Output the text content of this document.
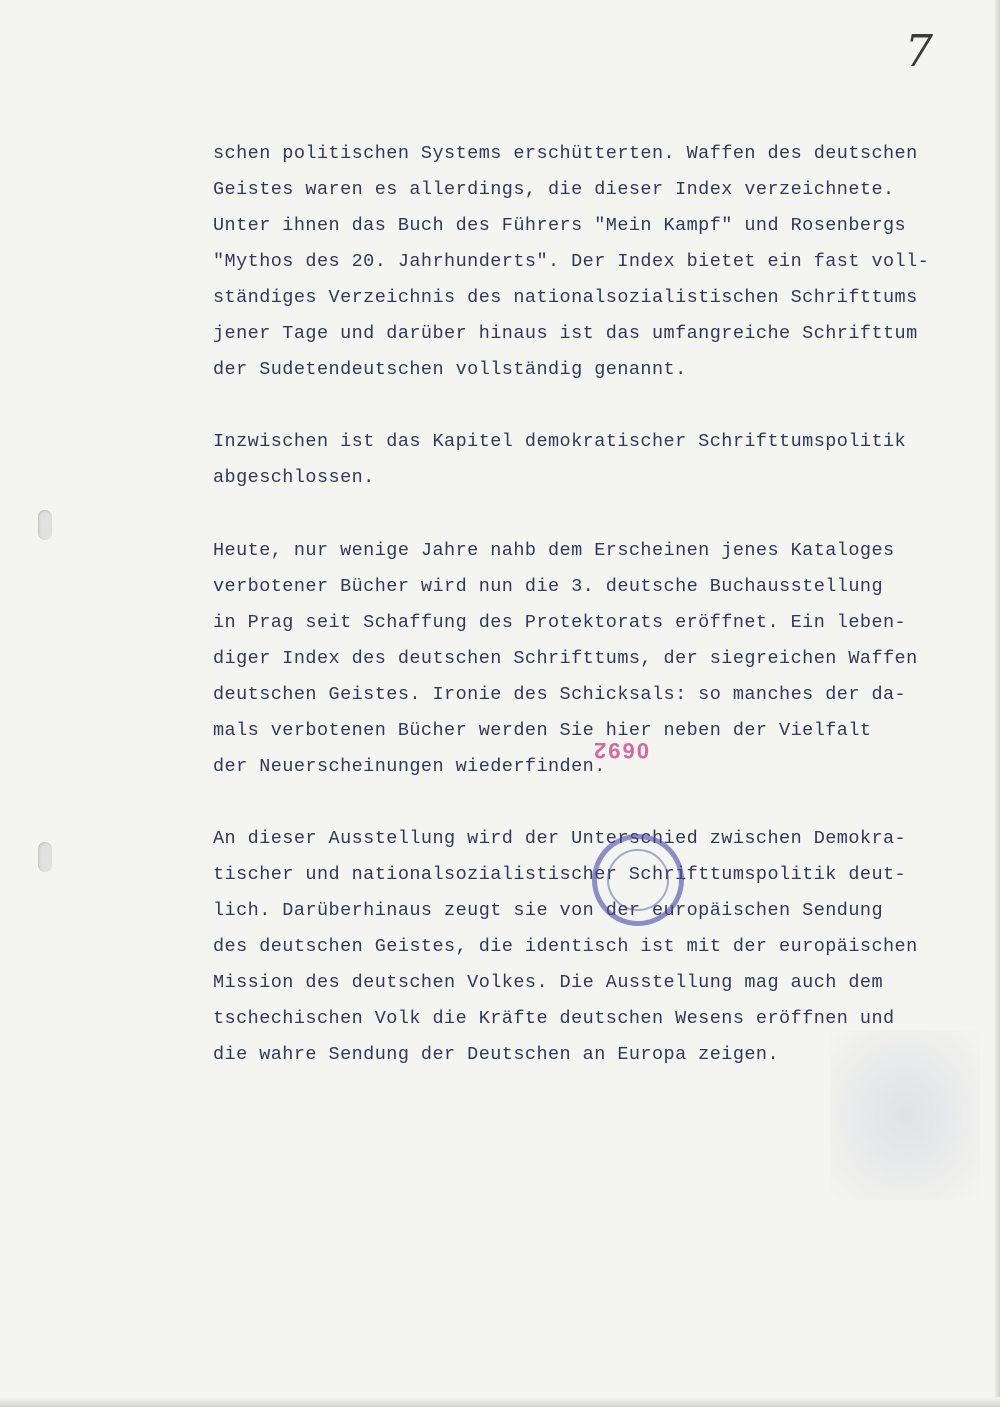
7
schen politischen Systems erschütterten. Waffen des deutschen
Geistes waren es allerdings, die dieser Index verzeichnete.
Unter ihnen das Buch des Führers "Mein Kampf" und Rosenbergs
"Mythos des 20. Jahrhunderts". Der Index bietet ein fast voll-
ständiges Verzeichnis des nationalsozialistischen Schrifttums
jener Tage und darüber hinaus ist das umfangreiche Schrifttum
der Sudetendeutschen vollständig genannt.
Inzwischen ist das Kapitel demokratischer Schrifttumspolitik
abgeschlossen.
Heute, nur wenige Jahre nahb dem Erscheinen jenes Kataloges
verbotener Bücher wird nun die 3. deutsche Buchausstellung
in Prag seit Schaffung des Protektorats eröffnet. Ein leben-
diger Index des deutschen Schrifttums, der siegreichen Waffen
deutschen Geistes. Ironie des Schicksals: so manches der da-
mals verbotenen Bücher werden Sie hier neben der Vielfalt
der Neuerscheinungen wiederfinden.
An dieser Ausstellung wird der Unterschied zwischen Demokra-
tischer und nationalsozialistischer Schrifttumspolitik deut-
lich. Darüberhinaus zeugt sie von der europäischen Sendung
des deutschen Geistes, die identisch ist mit der europäischen
Mission des deutschen Volkes. Die Ausstellung mag auch dem
tschechischen Volk die Kräfte deutschen Wesens eröffnen und
die wahre Sendung der Deutschen an Europa zeigen.
0692
